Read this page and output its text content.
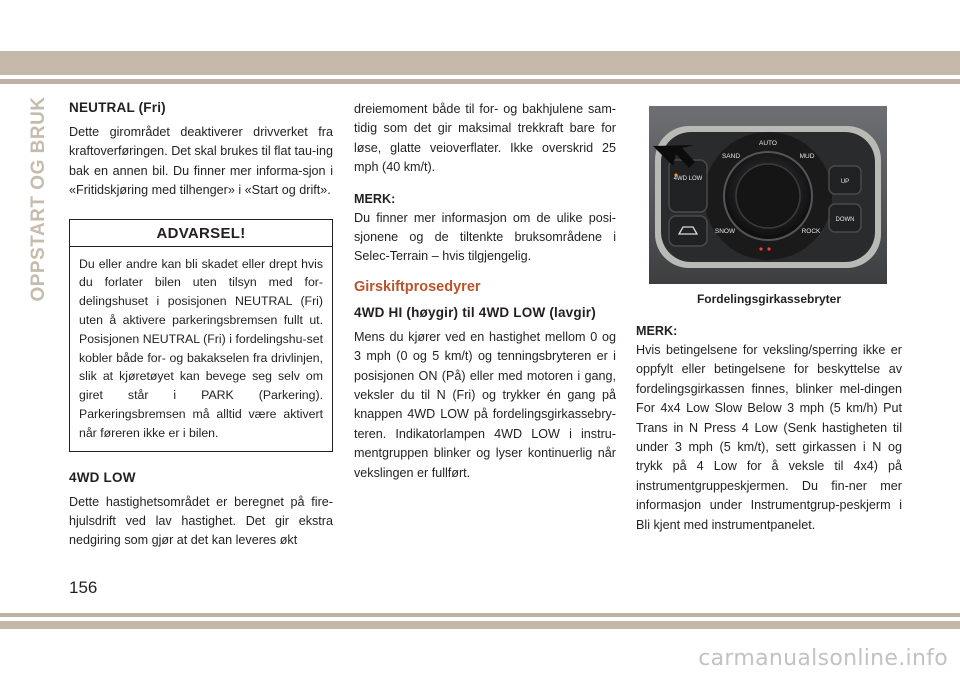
OPPSTART OG BRUK NEUTRAL (Fri)

Dette girområdet deaktiverer drivverket fra kraftoverføringen. Det skal brukes til flat tau-ing bak en annen bil. Du finner mer informa-sjon i «Fritidskjøring med tilhenger» i «Start og drift».

ADVARSEL!

Du eller andre kan bli skadet eller drept hvis du forlater bilen uten tilsyn med for-delingshuset i posisjonen NEUTRAL (Fri) uten å aktivere parkeringsbremsen fullt ut. Posisjonen NEUTRAL (Fri) i fordelingshu-set kobler både for- og bakakselen fra drivlinjen, slik at kjøretøyet kan bevege seg selv om giret står i PARK (Parkering). Parkeringsbremsen må alltid være aktivert når føreren ikke er i bilen.

4WD LOW

Dette hastighetsområdet er beregnet på fire-hjulsdrift ved lav hastighet. Det gir ekstra nedgiring som gjør at det kan leveres økt

dreiemoment både til for- og bakhjulene sam-tidig som det gir maksimal trekkraft bare for løse, glatte veioverflater. Ikke overskrid 25 mph (40 km/t).

MERK:

Du finner mer informasjon om de ulike posi-sjonene og de tiltenkte bruksområdene i Selec-Terrain – hvis tilgjengelig.

Girskiftprosedyrer
4WD HI (høygir) til 4WD LOW (lavgir)

Mens du kjører ved en hastighet mellom 0 og 3 mph (0 og 5 km/t) og tenningsbryteren er i posisjonen ON (På) eller med motoren i gang, veksler du til N (Fri) og trykker én gang på knappen 4WD LOW på fordelingsgirkassebry-teren. Indikatorlampen 4WD LOW i instru-mentgruppen blinker og lyser kontinuerlig når vekslingen er fullført.

4WD LOW	UP
DOWN
AUTO
SAND	MUD
SNOW	ROCK
Fordelingsgirkassebryter
MERK:

Hvis betingelsene for veksling/sperring ikke er oppfylt eller betingelsene for beskyttelse av fordelingsgirkassen finnes, blinker mel-dingen For 4x4 Low Slow Below 3 mph (5 km/h) Put Trans in N Press 4 Low (Senk hastigheten til under 3 mph (5 km/t), sett girkassen i N og trykk på 4 Low for å veksle til 4x4) på instrumentgruppeskjermen. Du fin-ner mer informasjon under Instrumentgrup-peskjerm i Bli kjent med instrumentpanelet.

156
carmanualsonline.info
